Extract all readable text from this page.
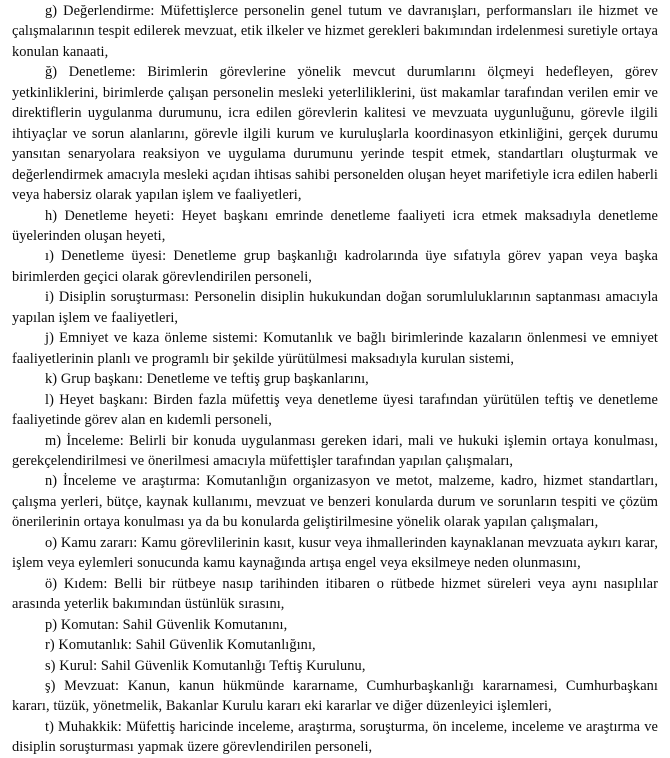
g) Değerlendirme: Müfettişlerce personelin genel tutum ve davranışları, performansları ile hizmet ve çalışmalarının tespit edilerek mevzuat, etik ilkeler ve hizmet gerekleri bakımından irdelenmesi suretiyle ortaya konulan kanaati,

ğ) Denetleme: Birimlerin görevlerine yönelik mevcut durumlarını ölçmeyi hedefleyen, görev yetkinliklerini, birimlerde çalışan personelin mesleki yeterliliklerini, üst makamlar tarafından verilen emir ve direktiflerin uygulanma durumunu, icra edilen görevlerin kalitesi ve mevzuata uygunluğunu, görevle ilgili ihtiyaçlar ve sorun alanlarını, görevle ilgili kurum ve kuruluşlarla koordinasyon etkinliğini, gerçek durumu yansıtan senaryolara reaksiyon ve uygulama durumunu yerinde tespit etmek, standartları oluşturmak ve değerlendirmek amacıyla mesleki açıdan ihtisas sahibi personelden oluşan heyet marifetiyle icra edilen haberli veya habersiz olarak yapılan işlem ve faaliyetleri,

h) Denetleme heyeti: Heyet başkanı emrinde denetleme faaliyeti icra etmek maksadıyla denetleme üyelerinden oluşan heyeti,

ı) Denetleme üyesi: Denetleme grup başkanlığı kadrolarında üye sıfatıyla görev yapan veya başka birimlerden geçici olarak görevlendirilen personeli,

i) Disiplin soruşturması: Personelin disiplin hukukundan doğan sorumluluklarının saptanması amacıyla yapılan işlem ve faaliyetleri,

j) Emniyet ve kaza önleme sistemi: Komutanlık ve bağlı birimlerinde kazaların önlenmesi ve emniyet faaliyetlerinin planlı ve programlı bir şekilde yürütülmesi maksadıyla kurulan sistemi,

k) Grup başkanı: Denetleme ve teftiş grup başkanlarını,

l) Heyet başkanı: Birden fazla müfettiş veya denetleme üyesi tarafından yürütülen teftiş ve denetleme faaliyetinde görev alan en kıdemli personeli,

m) İnceleme: Belirli bir konuda uygulanması gereken idari, mali ve hukuki işlemin ortaya konulması, gerekçelendirilmesi ve önerilmesi amacıyla müfettişler tarafından yapılan çalışmaları,

n) İnceleme ve araştırma: Komutanlığın organizasyon ve metot, malzeme, kadro, hizmet standartları, çalışma yerleri, bütçe, kaynak kullanımı, mevzuat ve benzeri konularda durum ve sorunların tespiti ve çözüm önerilerinin ortaya konulması ya da bu konularda geliştirilmesine yönelik olarak yapılan çalışmaları,

o) Kamu zararı: Kamu görevlilerinin kasıt, kusur veya ihmallerinden kaynaklanan mevzuata aykırı karar, işlem veya eylemleri sonucunda kamu kaynağında artışa engel veya eksilmeye neden olunmasını,

ö) Kıdem: Belli bir rütbeye nasıp tarihinden itibaren o rütbede hizmet süreleri veya aynı nasıplılar arasında yeterlik bakımından üstünlük sırasını,

p) Komutan: Sahil Güvenlik Komutanını,

r) Komutanlık: Sahil Güvenlik Komutanlığını,

s) Kurul: Sahil Güvenlik Komutanlığı Teftiş Kurulunu,

ş) Mevzuat: Kanun, kanun hükmünde kararname, Cumhurbaşkanlığı kararnamesi, Cumhurbaşkanı kararı, tüzük, yönetmelik, Bakanlar Kurulu kararı eki kararlar ve diğer düzenleyici işlemleri,

t) Muhakkik: Müfettiş haricinde inceleme, araştırma, soruşturma, ön inceleme, inceleme ve araştırma ve disiplin soruşturması yapmak üzere görevlendirilen personeli,
